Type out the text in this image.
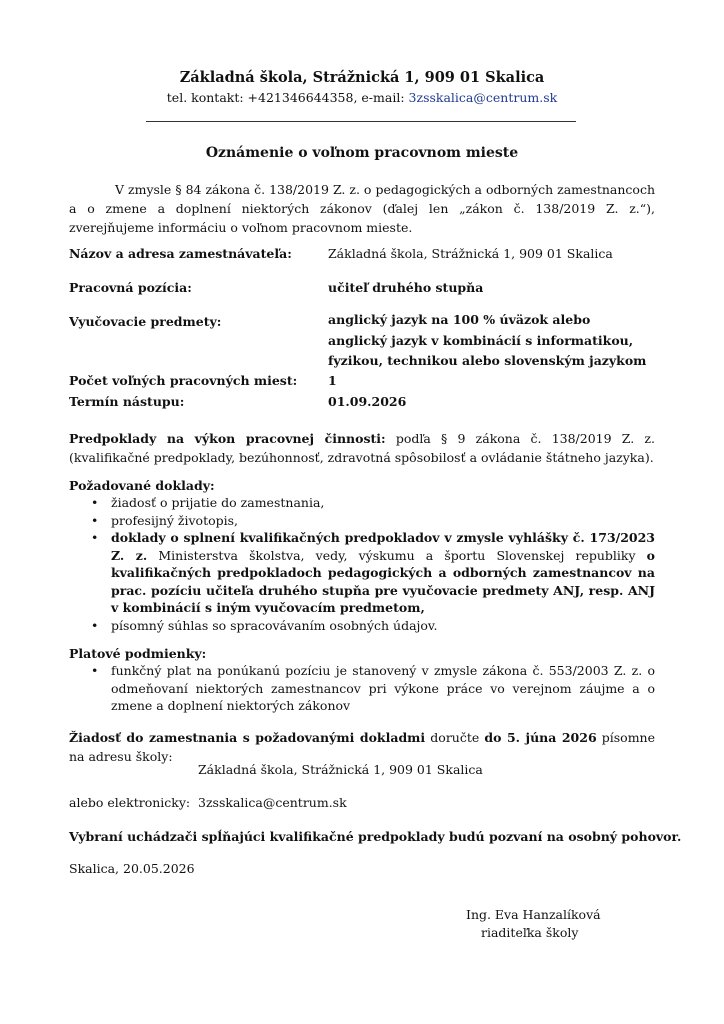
Základná škola, Strážnická 1, 909 01 Skalica
tel. kontakt: +421346644358, e-mail: 3zsskalica@centrum.sk
Oznámenie o voľnom pracovnom mieste
V zmysle § 84 zákona č. 138/2019 Z. z. o pedagogických a odborných zamestnancoch a o zmene a doplnení niektorých zákonov (ďalej len „zákon č. 138/2019 Z. z.“), zverejňujeme informáciu o voľnom pracovnom mieste.
Názov a adresa zamestnávateľa:	Základná škola, Strážnická 1, 909 01 Skalica
Pracovná pozícia:	učiteľ druhého stupňa
Vyučovacie predmety:	anglický jazyk na 100 % úväzok alebo
anglický jazyk v kombinácií s informatikou,
fyzikou, technikou alebo slovenským jazykom
Počet voľných pracovných miest: 1
Termín nástupu:	01.09.2026
Predpoklady na výkon pracovnej činnosti: podľa § 9 zákona č. 138/2019 Z. z. (kvalifikačné predpoklady, bezúhonnosť, zdravotná spôsobilosť a ovládanie štátneho jazyka).
Požadované doklady:
• žiadosť o prijatie do zamestnania,
• profesijný životopis,
• doklady o splnení kvalifikačných predpokladov v zmysle vyhlášky č. 173/2023 Z. z. Ministerstva školstva, vedy, výskumu a športu Slovenskej republiky o kvalifikačných predpokladoch pedagogických a odborných zamestnancov na prac. pozíciu učiteľa druhého stupňa pre vyučovacie predmety ANJ, resp. ANJ v kombinácií s iným vyučovacím predmetom,
• písomný súhlas so spracovávaním osobných údajov.
Platové podmienky:
• funkčný plat na ponúkanú pozíciu je stanovený v zmysle zákona č. 553/2003 Z. z. o odmeňovaní niektorých zamestnancov pri výkone práce vo verejnom záujme a o zmene a doplnení niektorých zákonov
Žiadosť do zamestnania s požadovanými dokladmi doručte do 5. júna 2026 písomne na adresu školy:
Základná škola, Strážnická 1, 909 01 Skalica
alebo elektronicky: 3zsskalica@centrum.sk
Vybraní uchádzači spĺňajúci kvalifikačné predpoklady budú pozvaní na osobný pohovor.
Skalica, 20.05.2026
Ing. Eva Hanzalíková
riaditeľka školy
